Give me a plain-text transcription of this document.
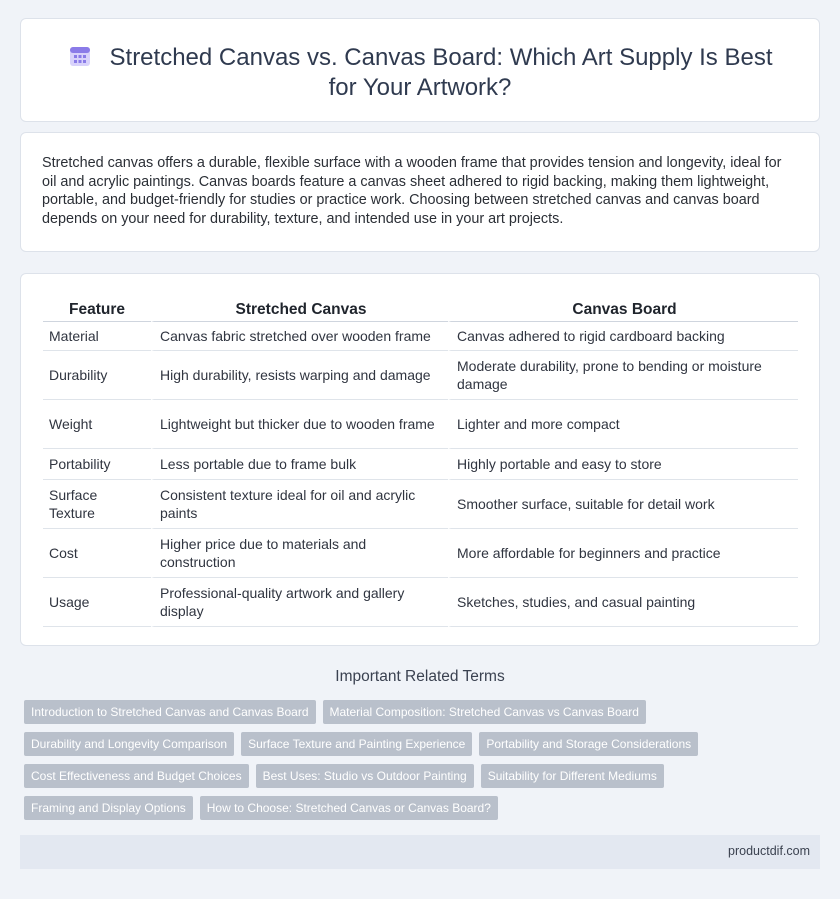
Stretched Canvas vs. Canvas Board: Which Art Supply Is Best for Your Artwork?

Stretched canvas offers a durable, flexible surface with a wooden frame that provides tension and longevity, ideal for oil and acrylic paintings. Canvas boards feature a canvas sheet adhered to rigid backing, making them lightweight, portable, and budget-friendly for studies or practice work. Choosing between stretched canvas and canvas board depends on your need for durability, texture, and intended use in your art projects.

Feature	Stretched Canvas	Canvas Board
Material	Canvas fabric stretched over wooden frame	Canvas adhered to rigid cardboard backing
Durability	High durability, resists warping and damage	Moderate durability, prone to bending or moisture damage
Weight	Lightweight but thicker due to wooden frame	Lighter and more compact
Portability	Less portable due to frame bulk	Highly portable and easy to store
Surface Texture	Consistent texture ideal for oil and acrylic paints	Smoother surface, suitable for detail work
Cost	Higher price due to materials and construction	More affordable for beginners and practice
Usage	Professional-quality artwork and gallery display	Sketches, studies, and casual painting
Important Related Terms
Introduction to Stretched Canvas and Canvas Board	Material Composition: Stretched Canvas vs Canvas Board
Durability and Longevity Comparison	Surface Texture and Painting Experience	Portability and Storage Considerations
Cost Effectiveness and Budget Choices	Best Uses: Studio vs Outdoor Painting	Suitability for Different Mediums
Framing and Display Options	How to Choose: Stretched Canvas or Canvas Board?
productdif.com
